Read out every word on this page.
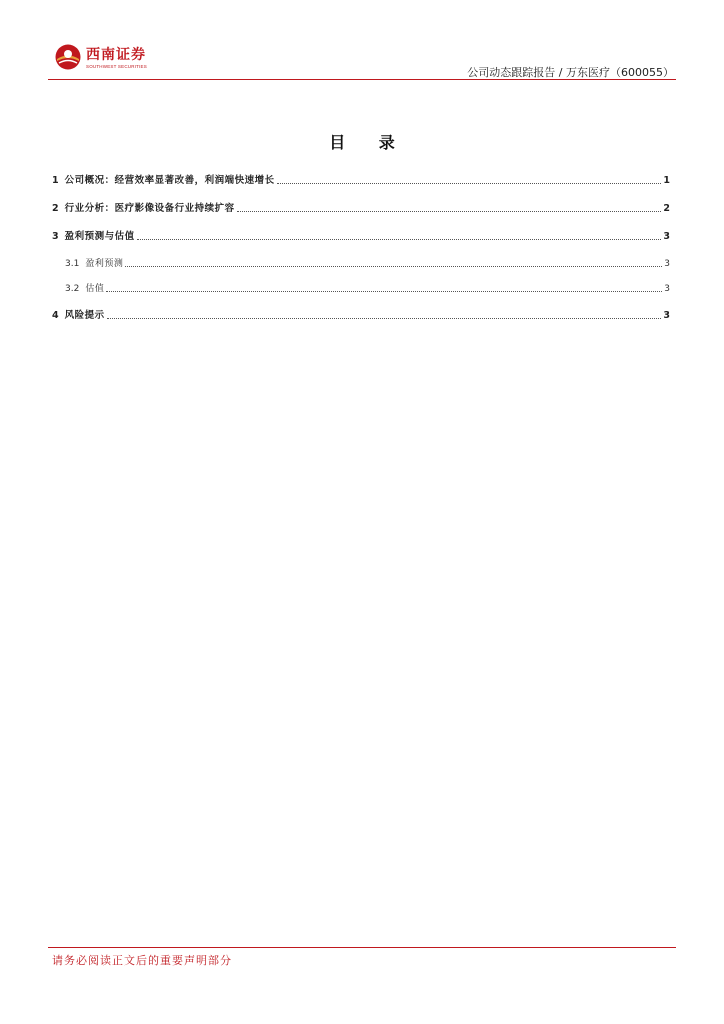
西南证券
SOUTHWEST SECURITIES	公司动态跟踪报告 / 万东医疗（600055）
目 录
1 公司概况：经营效率显著改善，利润端快速增长	1
2 行业分析：医疗影像设备行业持续扩容	2
3 盈利预测与估值	3
3.1 盈利预测	3
3.2 估值	3
4 风险提示	3
请务必阅读正文后的重要声明部分
